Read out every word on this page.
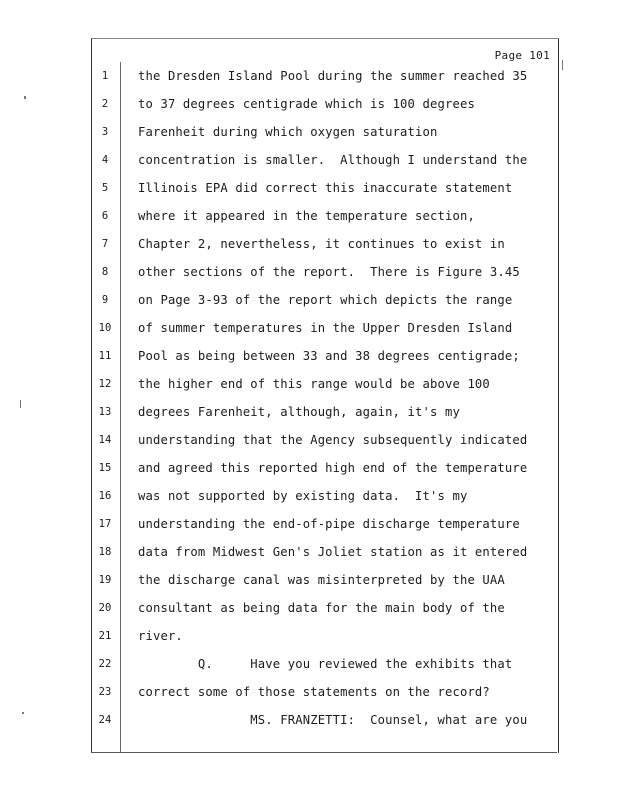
Page 101
1	the Dresden Island Pool during the summer reached 35
2	to 37 degrees centigrade which is 100 degrees
3	Farenheit during which oxygen saturation
4	concentration is smaller.  Although I understand the
5	Illinois EPA did correct this inaccurate statement
6	where it appeared in the temperature section,
7	Chapter 2, nevertheless, it continues to exist in
8	other sections of the report.  There is Figure 3.45
9	on Page 3-93 of the report which depicts the range
10	of summer temperatures in the Upper Dresden Island
11	Pool as being between 33 and 38 degrees centigrade;
12	the higher end of this range would be above 100
13	degrees Farenheit, although, again, it's my
14	understanding that the Agency subsequently indicated
15	and agreed this reported high end of the temperature
16	was not supported by existing data.  It's my
17	understanding the end-of-pipe discharge temperature
18	data from Midwest Gen's Joliet station as it entered
19	the discharge canal was misinterpreted by the UAA
20	consultant as being data for the main body of the
21	river.
22	Q.     Have you reviewed the exhibits that
23	correct some of those statements on the record?
24	MS. FRANZETTI:  Counsel, what are you
